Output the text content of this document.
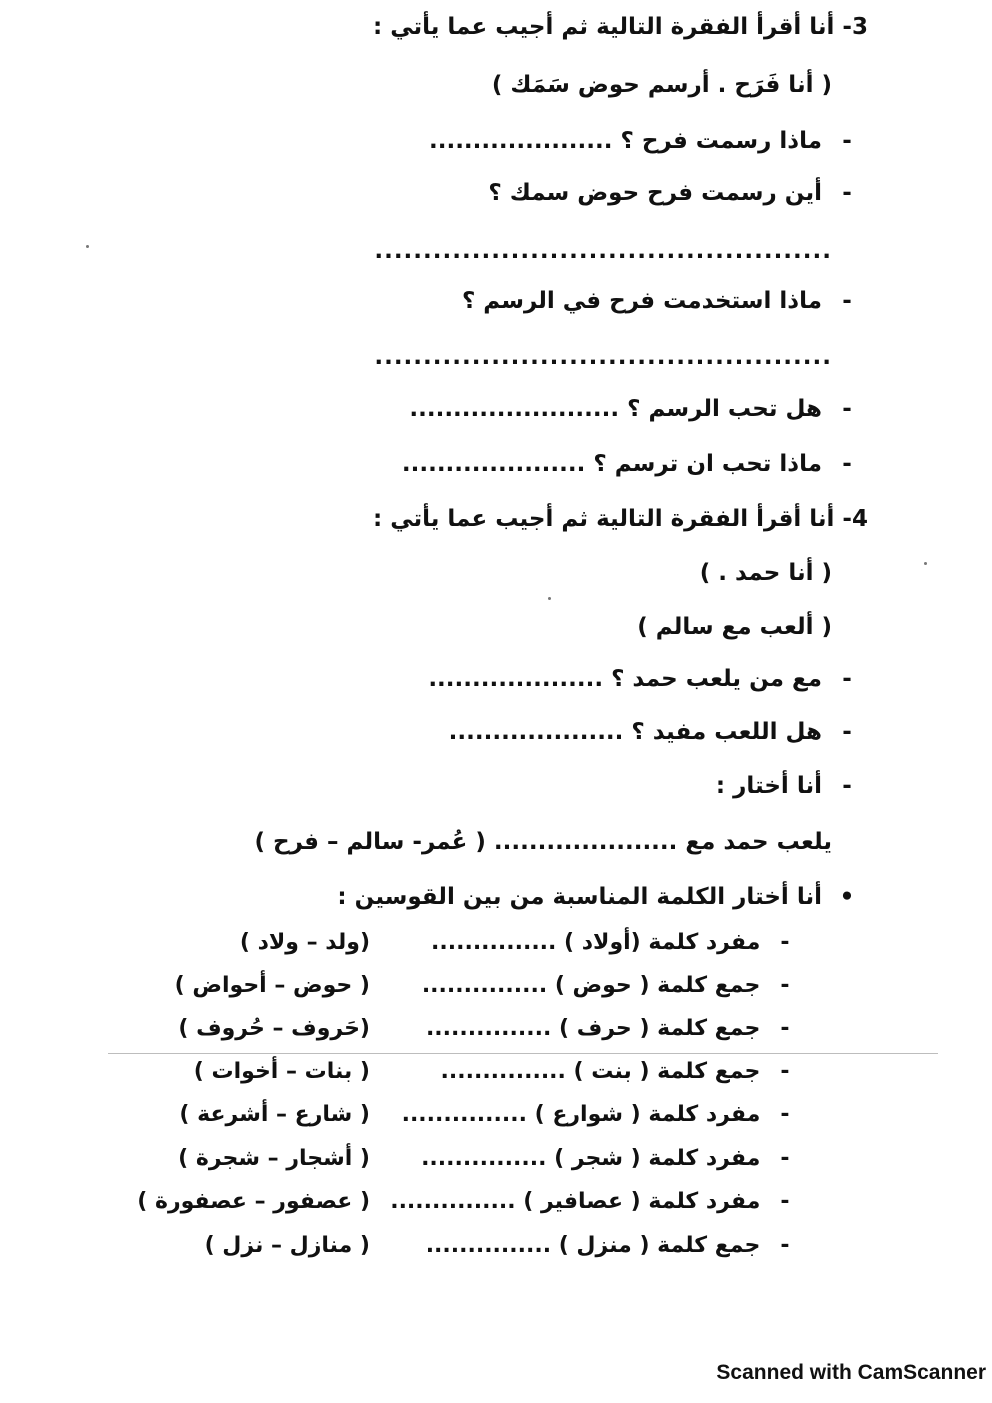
3- أنا أقرأ الفقرة التالية ثم أجيب عما يأتي :
( أنا فَرَح . أرسم حوض سَمَك )
- ماذا رسمت فرح ؟ .....................
- أين رسمت فرح حوض سمك ؟
...............................................
- ماذا استخدمت فرح في الرسم ؟
...............................................
- هل تحب الرسم ؟ ........................
- ماذا تحب ان ترسم ؟ .....................
4- أنا أقرأ الفقرة التالية ثم أجيب عما يأتي :
( أنا حمد . )
( ألعب مع سالم )
- مع من يلعب حمد ؟ ....................
- هل اللعب مفيد ؟ ....................
- أنا أختار :
يلعب حمد مع ..................... ( عُمر- سالم – فرح )
• أنا أختار الكلمة المناسبة من بين القوسين :
- مفرد كلمة (أولاد ) ...............
(ولد – ولاد )
- جمع كلمة ( حوض ) ...............
( حوض – أحواض )
- جمع كلمة ( حرف ) ...............
(حَروف – حُروف )
- جمع كلمة ( بنت ) ...............
( بنات – أخوات )
- مفرد كلمة ( شوارع ) ...............
( شارع – أشرعة )
- مفرد كلمة ( شجر ) ...............
( أشجار – شجرة )
- مفرد كلمة ( عصافير ) ...............
( عصفور – عصفورة )
- جمع كلمة ( منزل ) ...............
( منازل – نزل )
Scanned with CamScanner
